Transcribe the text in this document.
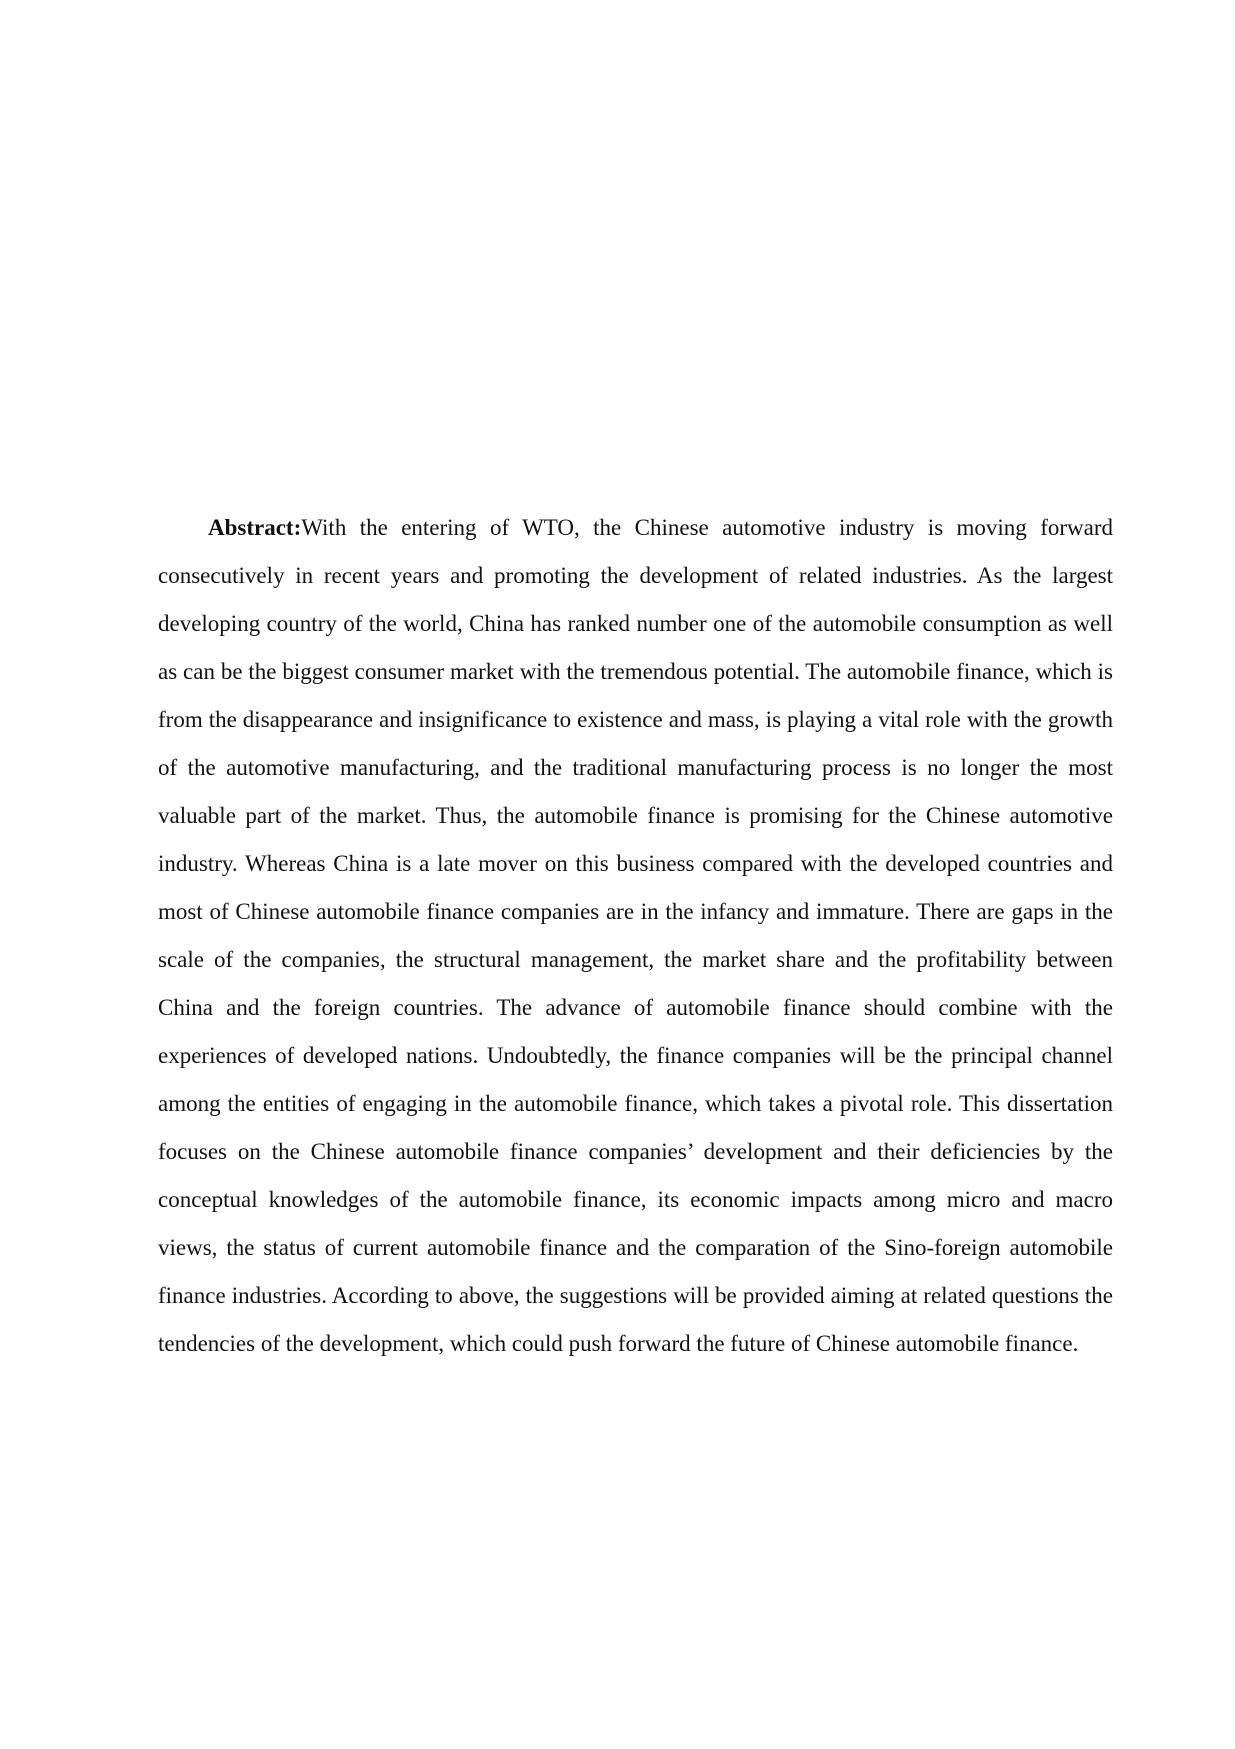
Abstract:With the entering of WTO, the Chinese automotive industry is moving forward consecutively in recent years and promoting the development of related industries. As the largest developing country of the world, China has ranked number one of the automobile consumption as well as can be the biggest consumer market with the tremendous potential. The automobile finance, which is from the disappearance and insignificance to existence and mass, is playing a vital role with the growth of the automotive manufacturing, and the traditional manufacturing process is no longer the most valuable part of the market. Thus, the automobile finance is promising for the Chinese automotive industry. Whereas China is a late mover on this business compared with the developed countries and most of Chinese automobile finance companies are in the infancy and immature. There are gaps in the scale of the companies, the structural management, the market share and the profitability between China and the foreign countries. The advance of automobile finance should combine with the experiences of developed nations. Undoubtedly, the finance companies will be the principal channel among the entities of engaging in the automobile finance, which takes a pivotal role. This dissertation focuses on the Chinese automobile finance companies’ development and their deficiencies by the conceptual knowledges of the automobile finance, its economic impacts among micro and macro views, the status of current automobile finance and the comparation of the Sino-foreign automobile finance industries. According to above, the suggestions will be provided aiming at related questions the tendencies of the development, which could push forward the future of Chinese automobile finance.
